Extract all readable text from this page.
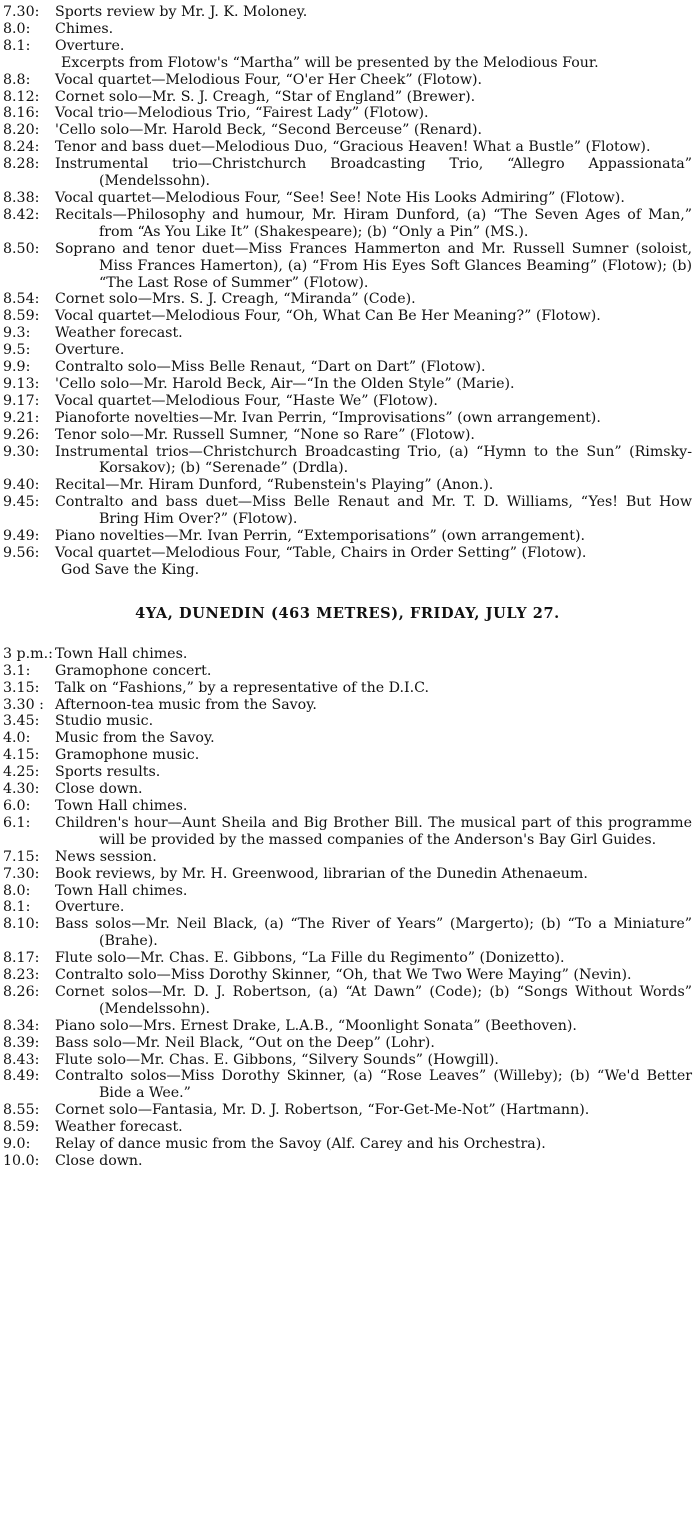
7.30:	Sports review by Mr. J. K. Moloney.
8.0:	Chimes.
8.1:	Overture.
Excerpts from Flotow's “Martha” will be presented by the Melodious Four.
8.8:	Vocal quartet—Melodious Four, “O'er Her Cheek” (Flotow).
8.12:	Cornet solo—Mr. S. J. Creagh, “Star of England” (Brewer).
8.16:	Vocal trio—Melodious Trio, “Fairest Lady” (Flotow).
8.20:	'Cello solo—Mr. Harold Beck, “Second Berceuse” (Renard).
8.24:	Tenor and bass duet—Melodious Duo, “Gracious Heaven! What a Bustle” (Flotow).
8.28:	Instrumental trio—Christchurch Broadcasting Trio, “Allegro Appassionata” (Mendelssohn).
8.38:	Vocal quartet—Melodious Four, “See! See! Note His Looks Admiring” (Flotow).
8.42:	Recitals—Philosophy and humour, Mr. Hiram Dunford, (a) “The Seven Ages of Man,” from “As You Like It” (Shakespeare); (b) “Only a Pin” (MS.).
8.50:	Soprano and tenor duet—Miss Frances Hammerton and Mr. Russell Sumner (soloist, Miss Frances Hamerton), (a) “From His Eyes Soft Glances Beaming” (Flotow); (b) “The Last Rose of Summer” (Flotow).
8.54:	Cornet solo—Mrs. S. J. Creagh, “Miranda” (Code).
8.59:	Vocal quartet—Melodious Four, “Oh, What Can Be Her Meaning?” (Flotow).
9.3:	Weather forecast.
9.5:	Overture.
9.9:	Contralto solo—Miss Belle Renaut, “Dart on Dart” (Flotow).
9.13:	'Cello solo—Mr. Harold Beck, Air—“In the Olden Style” (Marie).
9.17:	Vocal quartet—Melodious Four, “Haste We” (Flotow).
9.21:	Pianoforte novelties—Mr. Ivan Perrin, “Improvisations” (own arrangement).
9.26:	Tenor solo—Mr. Russell Sumner, “None so Rare” (Flotow).
9.30:	Instrumental trios—Christchurch Broadcasting Trio, (a) “Hymn to the Sun” (Rimsky-Korsakov); (b) “Serenade” (Drdla).
9.40:	Recital—Mr. Hiram Dunford, “Rubenstein's Playing” (Anon.).
9.45:	Contralto and bass duet—Miss Belle Renaut and Mr. T. D. Williams, “Yes! But How Bring Him Over?” (Flotow).
9.49:	Piano novelties—Mr. Ivan Perrin, “Extemporisations” (own arrangement).
9.56:	Vocal quartet—Melodious Four, “Table, Chairs in Order Setting” (Flotow).
God Save the King.
4YA, DUNEDIN (463 METRES), FRIDAY, JULY 27.
3 p.m.: Town Hall chimes.
3.1:	Gramophone concert.
3.15:	Talk on “Fashions,” by a representative of the D.I.C.
3.30 : Afternoon-tea music from the Savoy.
3.45:	Studio music.
4.0:	Music from the Savoy.
4.15:	Gramophone music.
4.25:	Sports results.
4.30:	Close down.
6.0:	Town Hall chimes.
6.1:	Children's hour—Aunt Sheila and Big Brother Bill. The musical part of this programme will be provided by the massed companies of the Anderson's Bay Girl Guides.
7.15:	News session.
7.30:	Book reviews, by Mr. H. Greenwood, librarian of the Dunedin Athenaeum.
8.0:	Town Hall chimes.
8.1:	Overture.
8.10:	Bass solos—Mr. Neil Black, (a) “The River of Years” (Margerto); (b) “To a Miniature” (Brahe).
8.17:	Flute solo—Mr. Chas. E. Gibbons, “La Fille du Regimento” (Donizetto).
8.23:	Contralto solo—Miss Dorothy Skinner, “Oh, that We Two Were Maying” (Nevin).
8.26:	Cornet solos—Mr. D. J. Robertson, (a) “At Dawn” (Code); (b) “Songs Without Words” (Mendelssohn).
8.34:	Piano solo—Mrs. Ernest Drake, L.A.B., “Moonlight Sonata” (Beethoven).
8.39:	Bass solo—Mr. Neil Black, “Out on the Deep” (Lohr).
8.43:	Flute solo—Mr. Chas. E. Gibbons, “Silvery Sounds” (Howgill).
8.49:	Contralto solos—Miss Dorothy Skinner, (a) “Rose Leaves” (Willeby); (b) “We'd Better Bide a Wee.”
8.55:	Cornet solo—Fantasia, Mr. D. J. Robertson, “For-Get-Me-Not” (Hartmann).
8.59:	Weather forecast.
9.0:	Relay of dance music from the Savoy (Alf. Carey and his Orchestra).
10.0:	Close down.
